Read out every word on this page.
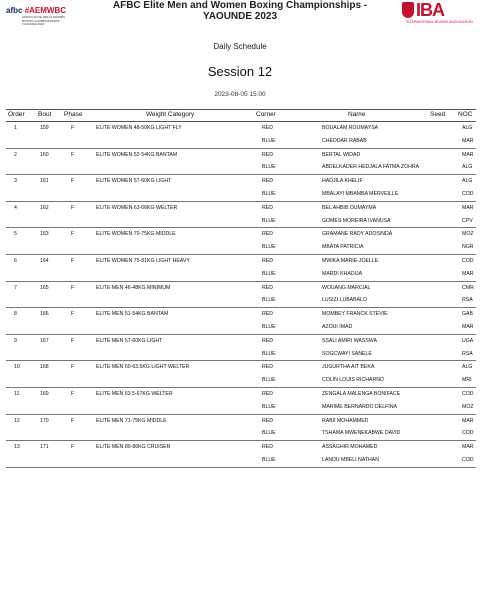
afbc #AEMWBC
AFRICA ELITE MEN & WOMEN BOXING CHAMPIONSHIPS YAOUNDE 2023
AFBC Elite Men and Women Boxing Championships -
YAOUNDE 2023	IBA
INTERNATIONAL BOXING ASSOCIATION
Daily Schedule
Session 12
2023-08-05 15:00
Order Bout Phase	Weight Category	Corner	Name	Seed NOC
1	159	F	ELITE WOMEN 48-50KG LIGHT FLY	RED	BOUALAM ROUMAYSA	ALG
BLUE	CHEDDAR RABAB	MAR
2	160	F	ELITE WOMEN 52-54KG BANTAM	RED	BERTAL WIDAD	MAR
BLUE	ABDELKADER HEDJALA FATMA ZOHRA	ALG
3	161	F	ELITE WOMEN 57-60KG LIGHT	RED	HADJILA KHELIF	ALG
BLUE	MBALAYI MBAMBA MERVEILLE	COD
4	162	F	ELITE WOMEN 63-66KG WELTER	RED	BEL AHBIB OUMAYMA	MAR
BLUE	GOMES MOREIRA IVANUSA	CPV
5	163	F	ELITE WOMEN 70-75KG MIDDLE	RED	GRAMANE RADY ADOSINDA	MOZ
BLUE	MBATA PATRICIA	NGR
6	164	F	ELITE WOMEN 75-81KG LIGHT HEAVY	RED	MWIKA MARIE-JOELLE	COD
BLUE	MARDI KHADIJA	MAR
7	165	F	ELITE MEN 46-48KG MINIMUM	RED	WOUANG MARCIAL	CMR
BLUE	LUSIZI LUBABALO	RSA
8	166	F	ELITE MEN 51-54KG BANTAM	RED	MOMBEY FRANCK STEVIE	GAB
BLUE	AZOUI IMAD	MAR
9	167	F	ELITE MEN 57-60KG LIGHT	RED	SSALI AMIRI WASSWA	UGA
BLUE	SOGCWAYI SANELE	RSA
10	168	F	ELITE MEN 60-63.5KG LIGHT WELTER	RED	JUGURTHA AIT BEKA	ALG
BLUE	COLIN LOUIS RICHARNO	MRI
11	169	F	ELITE MEN 63.5-67KG WELTER	RED	ZENGALA MALENGA BONIFACE	COD
BLUE	MARIME BERNARDO DELFINA	MOZ
12	170	F	ELITE MEN 71-75KG MIDDLE	RED	RABII MOHAMMED	MAR
BLUE	TSHAMA MWENEKABWE DAVID	COD
13	171	F	ELITE MEN 80-86KG CRUISER	RED	ASSAGHIR MOHAMED	MAR
BLUE	LANDU MBELI NATHAN	COD
